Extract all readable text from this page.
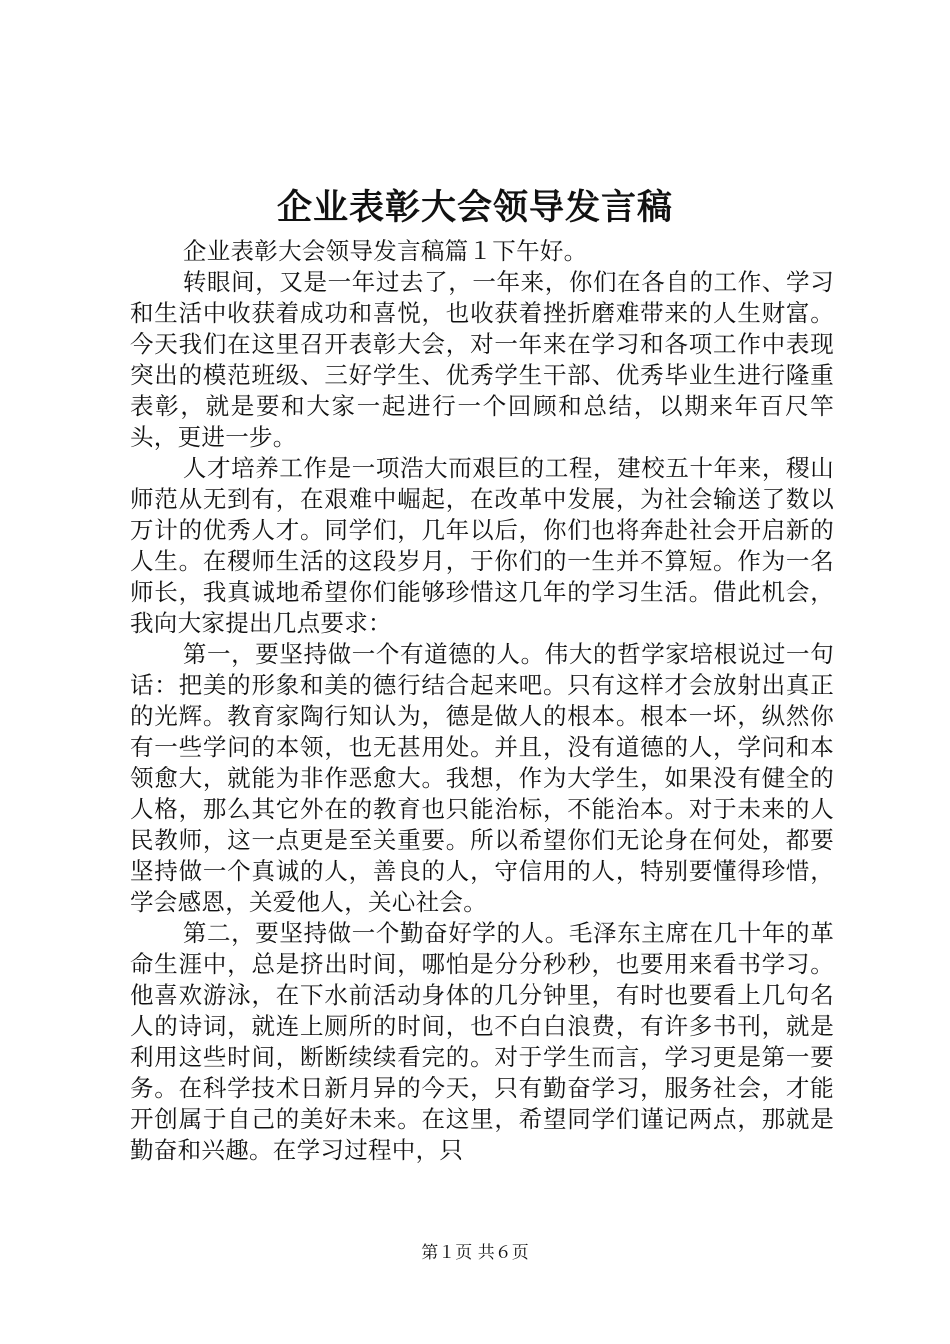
企业表彰大会领导发言稿

企业表彰大会领导发言稿篇１下午好。

转眼间，又是一年过去了，一年来，你们在各自的工作、学习和生活中收获着成功和喜悦，也收获着挫折磨难带来的人生财富。今天我们在这里召开表彰大会，对一年来在学习和各项工作中表现突出的模范班级、三好学生、优秀学生干部、优秀毕业生进行隆重表彰，就是要和大家一起进行一个回顾和总结，以期来年百尺竿头，更进一步。

人才培养工作是一项浩大而艰巨的工程，建校五十年来，稷山师范从无到有，在艰难中崛起，在改革中发展，为社会输送了数以万计的优秀人才。同学们，几年以后，你们也将奔赴社会开启新的人生。在稷师生活的这段岁月，于你们的一生并不算短。作为一名师长，我真诚地希望你们能够珍惜这几年的学习生活。借此机会，我向大家提出几点要求：

第一，要坚持做一个有道德的人。伟大的哲学家培根说过一句话：把美的形象和美的德行结合起来吧。只有这样才会放射出真正的光辉。教育家陶行知认为，德是做人的根本。根本一坏，纵然你有一些学问的本领，也无甚用处。并且，没有道德的人，学问和本领愈大，就能为非作恶愈大。我想，作为大学生，如果没有健全的人格，那么其它外在的教育也只能治标，不能治本。对于未来的人民教师，这一点更是至关重要。所以希望你们无论身在何处，都要坚持做一个真诚的人，善良的人，守信用的人，特别要懂得珍惜，学会感恩，关爱他人，关心社会。

第二，要坚持做一个勤奋好学的人。毛泽东主席在几十年的革命生涯中，总是挤出时间，哪怕是分分秒秒，也要用来看书学习。他喜欢游泳，在下水前活动身体的几分钟里，有时也要看上几句名人的诗词，就连上厕所的时间，也不白白浪费，有许多书刊，就是利用这些时间，断断续续看完的。对于学生而言，学习更是第一要务。在科学技术日新月异的今天，只有勤奋学习，服务社会，才能开创属于自己的美好未来。在这里，希望同学们谨记两点，那就是勤奋和兴趣。在学习过程中，只

第１页 共６页
